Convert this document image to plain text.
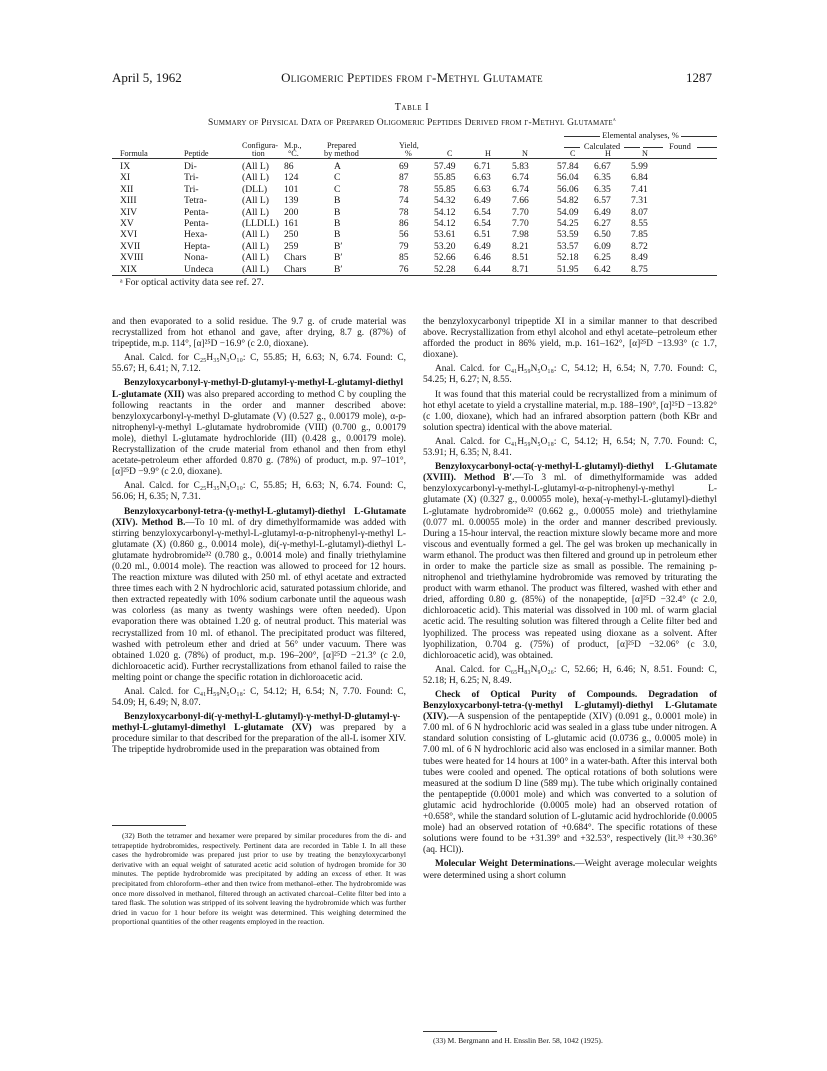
April 5, 1962	Oligomeric Peptides from γ-Methyl Glutamate	1287
Table I
Summary of Physical Data of Prepared Oligomeric Peptides Derived from γ-Methyl Glutamate$^a$
Elemental analyses, %
Calculated	Found
Formula	Peptide
Configura-
tion
M.p.,
°C.
Prepared
by method
Yield,
%	C	H	N	C	H	N
IX	Di-	(All L) 86	A	69	57.49 6.71 5.83	57.84 6.67 5.99
XI	Tri-	(All L) 124	C	87	55.85 6.63 6.74	56.04 6.35 6.84
XII	Tri-	(DLL) 101	C	78	55.85 6.63 6.74	56.06 6.35 7.41
XIII	Tetra-	(All L) 139	B	74	54.32 6.49 7.66	54.82 6.57 7.31
XIV	Penta-	(All L) 200	B	78	54.12 6.54 7.70	54.09 6.49 8.07
XV	Penta-	(LLDLL) 161	B	86	54.12 6.54 7.70	54.25 6.27 8.55
XVI	Hexa-	(All L) 250	B	56	53.61 6.51 7.98	53.59 6.50 7.85
XVII	Hepta-	(All L) 259	B′	79	53.20 6.49 8.21	53.57 6.09 8.72
XVIII	Nona-	(All L) Chars	B′	85	52.66 6.46 8.51	52.18 6.25 8.49
XIX	Undeca	(All L) Chars	B′	76	52.28 6.44 8.71	51.95 6.42 8.75
ᵃ For optical activity data see ref. 27.

and then evaporated to a solid residue. The 9.7 g. of crude material was recrystallized from hot ethanol and gave, after drying, 8.7 g. (87%) of tripeptide, m.p. 114°, [α]²⁵D −16.9° (c 2.0, dioxane).

Anal. Calcd. for C₂₅H₃₅N₃O₁₀: C, 55.85; H, 6.63; N, 6.74. Found: C, 55.67; H, 6.41; N, 7.12.

Benzyloxycarbonyl-γ-methyl-D-glutamyl-γ-methyl-L-glutamyl-diethyl L-glutamate (XII) was also prepared according to method C by coupling the following reactants in the order and manner described above: benzyloxycarbonyl-γ-methyl D-glutamate (V) (0.527 g., 0.00179 mole), α-p-nitrophenyl-γ-methyl L-glutamate hydrobromide (VIII) (0.700 g., 0.00179 mole), diethyl L-glutamate hydrochloride (III) (0.428 g., 0.00179 mole). Recrystallization of the crude material from ethanol and then from ethyl acetate-petroleum ether afforded 0.870 g. (78%) of product, m.p. 97–101°, [α]²⁵D −9.9° (c 2.0, dioxane).

Anal. Calcd. for C₂₅H₃₅N₃O₁₀: C, 55.85; H, 6.63; N, 6.74. Found: C, 56.06; H, 6.35; N, 7.31.

Benzyloxycarbonyl-tetra-(γ-methyl-L-glutamyl)-diethyl L-Glutamate (XIV). Method B.—To 10 ml. of dry dimethylformamide was added with stirring benzyloxycarbonyl-γ-methyl-L-glutamyl-α-p-nitrophenyl-γ-methyl L-glutamate (X) (0.860 g., 0.0014 mole), di(-γ-methyl-L-glutamyl)-diethyl L-glutamate hydrobromide³² (0.780 g., 0.0014 mole) and finally triethylamine (0.20 ml., 0.0014 mole). The reaction was allowed to proceed for 12 hours. The reaction mixture was diluted with 250 ml. of ethyl acetate and extracted three times each with 2 N hydrochloric acid, saturated potassium chloride, and then extracted repeatedly with 10% sodium carbonate until the aqueous wash was colorless (as many as twenty washings were often needed). Upon evaporation there was obtained 1.20 g. of neutral product. This material was recrystallized from 10 ml. of ethanol. The precipitated product was filtered, washed with petroleum ether and dried at 56° under vacuum. There was obtained 1.020 g. (78%) of product, m.p. 196–200°, [α]²⁵D −21.3° (c 2.0, dichloroacetic acid). Further recrystallizations from ethanol failed to raise the melting point or change the specific rotation in dichloroacetic acid.

Anal. Calcd. for C₄₁H₅₉N₅O₁₈: C, 54.12; H, 6.54; N, 7.70. Found: C, 54.09; H, 6.49; N, 8.07.

Benzyloxycarbonyl-di(-γ-methyl-L-glutamyl)-γ-methyl-D-glutamyl-γ-methyl-L-glutamyl-dimethyl L-glutamate (XV) was prepared by a procedure similar to that described for the preparation of the all-L isomer XIV. The tripeptide hydrobromide used in the preparation was obtained from

(32) Both the tetramer and hexamer were prepared by similar procedures from the di- and tetrapeptide hydrobromides, respectively. Pertinent data are recorded in Table I. In all these cases the hydrobromide was prepared just prior to use by treating the benzyloxycarbonyl derivative with an equal weight of saturated acetic acid solution of hydrogen bromide for 30 minutes. The peptide hydrobromide was precipitated by adding an excess of ether. It was precipitated from chloroform–ether and then twice from methanol–ether. The hydrobromide was once more dissolved in methanol, filtered through an activated charcoal–Celite filter bed into a tared flask. The solution was stripped of its solvent leaving the hydrobromide which was further dried in vacuo for 1 hour before its weight was determined. This weighing determined the proportional quantities of the other reagents employed in the reaction.

the benzyloxycarbonyl tripeptide XI in a similar manner to that described above. Recrystallization from ethyl alcohol and ethyl acetate–petroleum ether afforded the product in 86% yield, m.p. 161–162°, [α]²⁵D −13.93° (c 1.7, dioxane).

Anal. Calcd. for C₄₁H₅₉N₅O₁₈: C, 54.12; H, 6.54; N, 7.70. Found: C, 54.25; H, 6.27; N, 8.55.

It was found that this material could be recrystallized from a minimum of hot ethyl acetate to yield a crystalline material, m.p. 188–190°, [α]²⁵D −13.82° (c 1.00, dioxane), which had an infrared absorption pattern (both KBr and solution spectra) identical with the above material.

Anal. Calcd. for C₄₁H₅₉N₅O₁₈: C, 54.12; H, 6.54; N, 7.70. Found: C, 53.91; H, 6.35; N, 8.41.

Benzyloxycarbonyl-octa(-γ-methyl-L-glutamyl)-diethyl L-Glutamate (XVIII). Method B′.—To 3 ml. of dimethylformamide was added benzyloxycarbonyl-γ-methyl-L-glutamyl-α-p-nitrophenyl-γ-methyl L-glutamate (X) (0.327 g., 0.00055 mole), hexa(-γ-methyl-L-glutamyl)-diethyl L-glutamate hydrobromide³² (0.662 g., 0.00055 mole) and triethylamine (0.077 ml. 0.00055 mole) in the order and manner described previously. During a 15-hour interval, the reaction mixture slowly became more and more viscous and eventually formed a gel. The gel was broken up mechanically in warm ethanol. The product was then filtered and ground up in petroleum ether in order to make the particle size as small as possible. The remaining p-nitrophenol and triethylamine hydrobromide was removed by triturating the product with warm ethanol. The product was filtered, washed with ether and dried, affording 0.80 g. (85%) of the nonapeptide, [α]²⁵D −32.4° (c 2.0, dichloroacetic acid). This material was dissolved in 100 ml. of warm glacial acetic acid. The resulting solution was filtered through a Celite filter bed and lyophilized. The process was repeated using dioxane as a solvent. After lyophilization, 0.704 g. (75%) of product, [α]²⁵D −32.06° (c 3.0, dichloroacetic acid), was obtained.

Anal. Calcd. for C₆₅H₈₃N₉O₂₆: C, 52.66; H, 6.46; N, 8.51. Found: C, 52.18; H, 6.25; N, 8.49.

Check of Optical Purity of Compounds. Degradation of Benzyloxycarbonyl-tetra-(γ-methyl L-glutamyl)-diethyl L-Glutamate (XIV).—A suspension of the pentapeptide (XIV) (0.091 g., 0.0001 mole) in 7.00 ml. of 6 N hydrochloric acid was sealed in a glass tube under nitrogen. A standard solution consisting of L-glutamic acid (0.0736 g., 0.0005 mole) in 7.00 ml. of 6 N hydrochloric acid also was enclosed in a similar manner. Both tubes were heated for 14 hours at 100° in a water-bath. After this interval both tubes were cooled and opened. The optical rotations of both solutions were measured at the sodium D line (589 mμ). The tube which originally contained the pentapeptide (0.0001 mole) and which was converted to a solution of glutamic acid hydrochloride (0.0005 mole) had an observed rotation of +0.658°, while the standard solution of L-glutamic acid hydrochloride (0.0005 mole) had an observed rotation of +0.684°. The specific rotations of these solutions were found to be +31.39° and +32.53°, respectively (lit.³³ +30.36° (aq. HCl)).

Molecular Weight Determinations.—Weight average molecular weights were determined using a short column

(33) M. Bergmann and H. Ensslin Ber. 58, 1042 (1925).
